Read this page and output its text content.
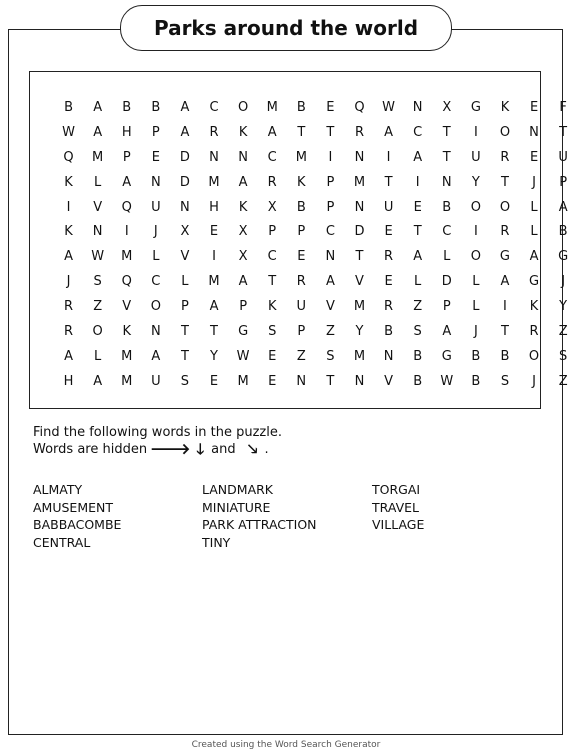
Parks around the world
B	A	B	B	A	C	O	M	B	E	Q	W	N	X	G	K	E	F
W	A	H	P	A	R	K	A	T	T	R	A	C	T	I	O	N	T
Q	M	P	E	D	N	N	C	M	I	N	I	A	T	U	R	E	U
K	L	A	N	D	M	A	R	K	P	M	T	I	N	Y	T	J	P
I	V	Q	U	N	H	K	X	B	P	N	U	E	B	O	O	L	A
K	N	I	J	X	E	X	P	P	C	D	E	T	C	I	R	L	B
A	W	M	L	V	I	X	C	E	N	T	R	A	L	O	G	A	G
J	S	Q	C	L	M	A	T	R	A	V	E	L	D	L	A	G	J
R	Z	V	O	P	A	P	K	U	V	M	R	Z	P	L	I	K	Y
R	O	K	N	T	T	G	S	P	Z	Y	B	S	A	J	T	R	Z
A	L	M	A	T	Y	W	E	Z	S	M	N	B	G	B	B	O	S
H	A	M	U	S	E	M	E	N	T	N	V	B	W	B	S	J	Z
Find the following words in the puzzle.
Words are hidden 🡒 🡓 and 🡖 .
ALMATY
AMUSEMENT
BABBACOMBE
CENTRAL
LANDMARK
MINIATURE
PARK ATTRACTION
TINY
TORGAI
TRAVEL
VILLAGE
Created using the Word Search Generator
